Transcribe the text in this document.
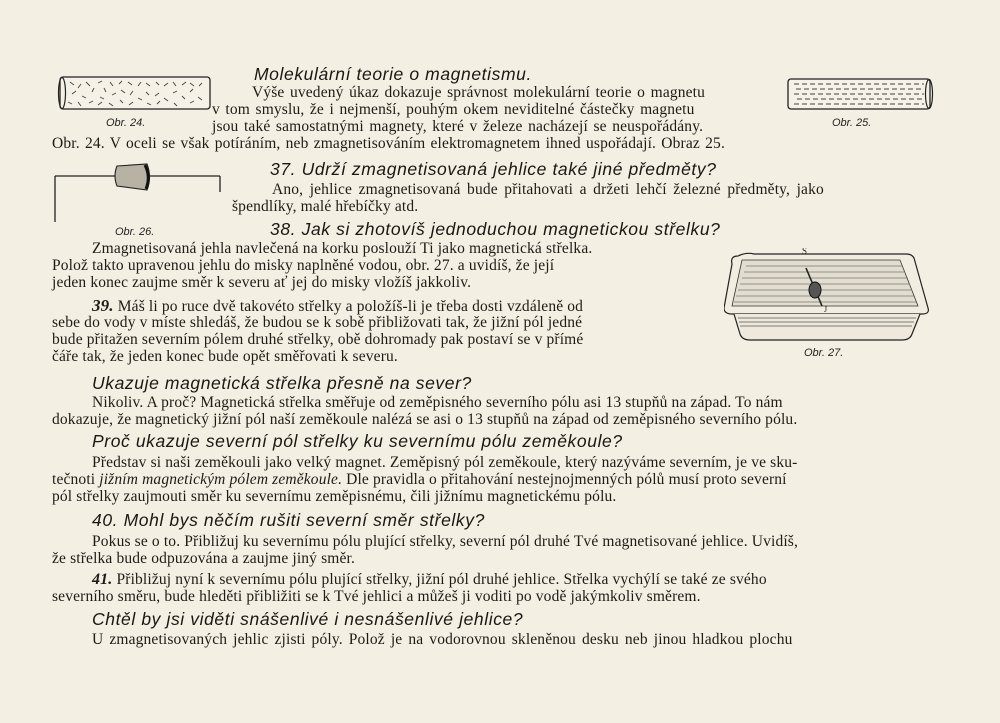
Obr. 24.	Obr. 25.
Molekulární teorie o magnetismu.
Výše uvedený úkaz dokazuje správnost molekulární teorie o magnetu
v tom smyslu, že i nejmenší, pouhým okem neviditelné částečky magnetu
jsou také samostatnými magnety, které v železe nacházejí se neuspořádány.
Obr. 24. V oceli se však potíráním, neb zmagnetisováním elektromagnetem ihned uspořádají. Obraz 25.
Obr. 26.
37. Udrží zmagnetisovaná jehlice také jiné předměty?
Ano, jehlice zmagnetisovaná bude přitahovati a držeti lehčí železné předměty, jako
špendlíky, malé hřebíčky atd.
38. Jak si zhotovíš jednoduchou magnetickou střelku?
Zmagnetisovaná jehla navlečená na korku poslouží Ti jako magnetická střelka.
Polož takto upravenou jehlu do misky naplněné vodou, obr. 27. a uvidíš, že její
jeden konec zaujme směr k severu ať jej do misky vložíš jakkoliv.
S
J
Obr. 27.
39. Máš li po ruce dvě takovéto střelky a položíš-li je třeba dosti vzdáleně od
sebe do vody v míste shledáš, že budou se k sobě přibližovati tak, že jižní pól jedné
bude přitažen severním pólem druhé střelky, obě dohromady pak postaví se v přímé
čáře tak, že jeden konec bude opět směřovati k severu.
Ukazuje magnetická střelka přesně na sever?
Nikoliv. A proč? Magnetická střelka směřuje od zeměpisného severního pólu asi 13 stupňů na západ. To nám
dokazuje, že magnetický jižní pól naší zeměkoule nalézá se asi o 13 stupňů na západ od zeměpisného severního pólu.
Proč ukazuje severní pól střelky ku severnímu pólu zeměkoule?
Představ si naši zeměkouli jako velký magnet. Zeměpisný pól zeměkoule, který nazýváme severním, je ve sku-
tečnoti jižním magnetickým pólem zeměkoule. Dle pravidla o přitahování nestejnojmenných pólů musí proto severní
pól střelky zaujmouti směr ku severnímu zeměpisnému, čili jižnímu magnetickému pólu.
40. Mohl bys něčím rušiti severní směr střelky?
Pokus se o to. Přibližuj ku severnímu pólu plující střelky, severní pól druhé Tvé magnetisované jehlice. Uvidíš,
že střelka bude odpuzována a zaujme jiný směr.
41. Přibližuj nyní k severnímu pólu plující střelky, jižní pól druhé jehlice. Střelka vychýlí se také ze svého
severního směru, bude hleděti přibližiti se k Tvé jehlici a můžeš ji voditi po vodě jakýmkoliv směrem.
Chtěl by jsi viděti snášenlivé i nesnášenlivé jehlice?
U zmagnetisovaných jehlic zjisti póly. Polož je na vodorovnou skleněnou desku neb jinou hladkou plochu
